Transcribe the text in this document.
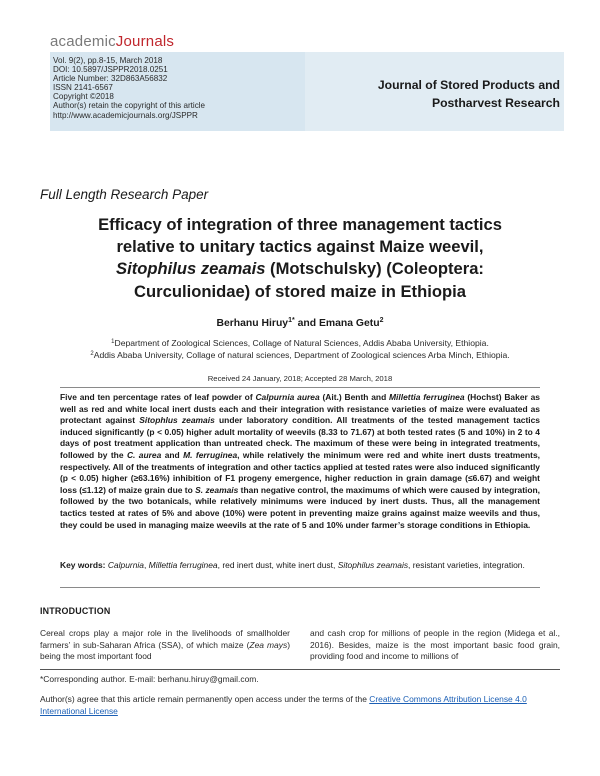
academicJournals
Vol. 9(2), pp.8-15, March 2018
DOI: 10.5897/JSPPR2018.0251
Article Number: 32D863A56832
ISSN 2141-6567
Copyright ©2018
Author(s) retain the copyright of this article
http://www.academicjournals.org/JSPPR
Journal of Stored Products and
Postharvest Research
Full Length Research Paper
Efficacy of integration of three management tactics
relative to unitary tactics against Maize weevil,
Sitophilus zeamais (Motschulsky) (Coleoptera:
Curculionidae) of stored maize in Ethiopia
Berhanu Hiruy$^{1*}$ and Emana Getu$^2$
$^1$Department of Zoological Sciences, Collage of Natural Sciences, Addis Ababa University, Ethiopia.
$^2$Addis Ababa University, Collage of natural sciences, Department of Zoological sciences Arba Minch, Ethiopia.
Received 24 January, 2018; Accepted 28 March, 2018
Five and ten percentage rates of leaf powder of Calpurnia aurea (Ait.) Benth and Millettia ferruginea (Hochst) Baker as well as red and white local inert dusts each and their integration with resistance varieties of maize were evaluated as protectant against Sitophlus zeamais under laboratory condition. All treatments of the tested management tactics induced significantly (p < 0.05) higher adult mortality of weevils (8.33 to 71.67) at both tested rates (5 and 10%) in 2 to 4 days of post treatment application than untreated check. The maximum of these were being in integrated treatments, followed by the C. aurea and M. ferruginea, while relatively the minimum were red and white inert dusts treatments, respectively. All of the treatments of integration and other tactics applied at tested rates were also induced significantly (p < 0.05) higher (≥63.16%) inhibition of F1 progeny emergence, higher reduction in grain damage (≤6.67) and weight loss (≤1.12) of maize grain due to S. zeamais than negative control, the maximums of which were caused by integration, followed by the two botanicals, while relatively minimums were induced by inert dusts. Thus, all the management tactics tested at rates of 5% and above (10%) were potent in preventing maize grains against maize weevils and thus, they could be used in managing maize weevils at the rate of 5 and 10% under farmer’s storage conditions in Ethiopia.
Key words: Calpurnia, Millettia ferruginea, red inert dust, white inert dust, Sitophilus zeamais, resistant varieties, integration.
INTRODUCTION
Cereal crops play a major role in the livelihoods of smallholder farmers’ in sub-Saharan Africa (SSA), of which maize (Zea mays) being the most important food
and cash crop for millions of people in the region (Midega et al., 2016). Besides, maize is the most important basic food grain, providing food and income to millions of
*Corresponding author. E-mail: berhanu.hiruy@gmail.com.
Author(s) agree that this article remain permanently open access under the terms of the Creative Commons Attribution License 4.0 International License
